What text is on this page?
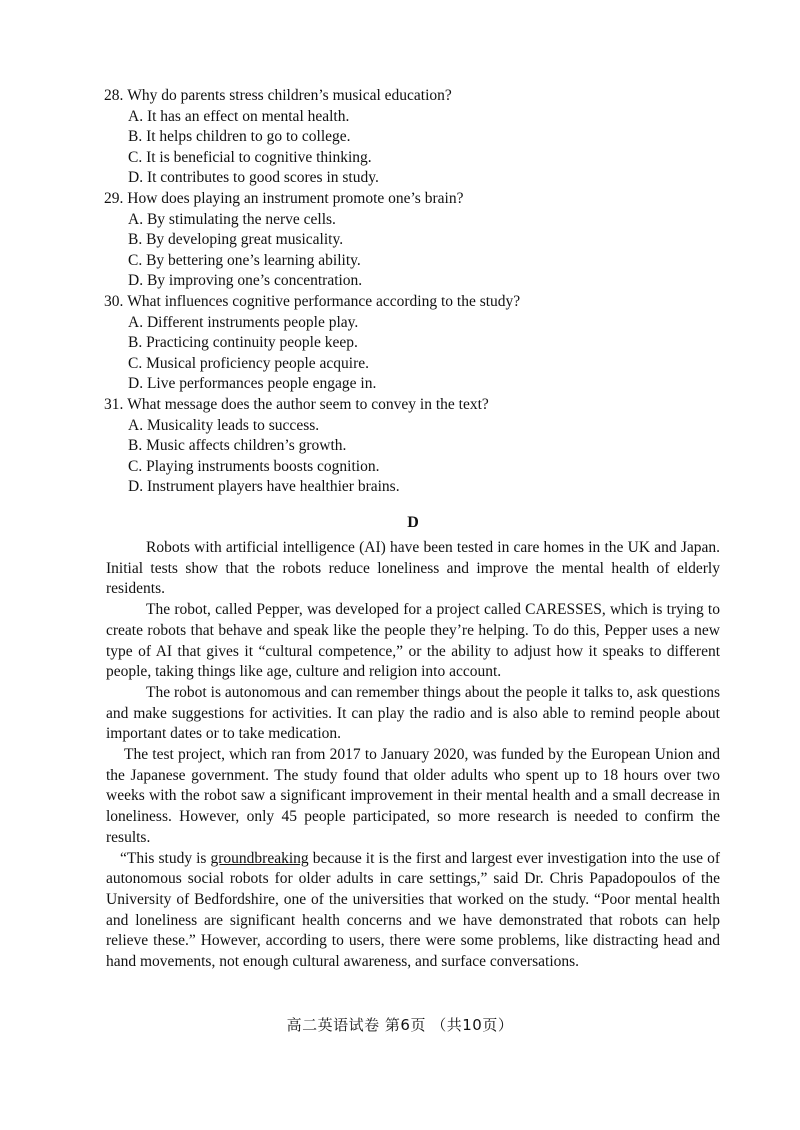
28.
Why do parents stress children’s musical education?
A. It has an effect on mental health.
B. It helps children to go to college.
C. It is beneficial to cognitive thinking.
D. It contributes to good scores in study.
29.
How does playing an instrument promote one’s brain?
A. By stimulating the nerve cells.
B. By developing great musicality.
C. By bettering one’s learning ability.
D. By improving one’s concentration.
30.
What influences cognitive performance according to the study?
A. Different instruments people play.
B. Practicing continuity people keep.
C. Musical proficiency people acquire.
D. Live performances people engage in.
31.
What message does the author seem to convey in the text?
A. Musicality leads to success.
B. Music affects children’s growth.
C. Playing instruments boosts cognition.
D. Instrument players have healthier brains.
D

Robots with artificial intelligence (AI) have been tested in care homes in the UK and Japan. Initial tests show that the robots reduce loneliness and improve the mental health of elderly residents.

The robot, called Pepper, was developed for a project called CARESSES, which is trying to create robots that behave and speak like the people they’re helping. To do this, Pepper uses a new type of AI that gives it “cultural competence,” or the ability to adjust how it speaks to different people, taking things like age, culture and religion into account.

The robot is autonomous and can remember things about the people it talks to, ask questions and make suggestions for activities. It can play the radio and is also able to remind people about important dates or to take medication.

The test project, which ran from 2017 to January 2020, was funded by the European Union and the Japanese government. The study found that older adults who spent up to 18 hours over two weeks with the robot saw a significant improvement in their mental health and a small decrease in loneliness. However, only 45 people participated, so more research is needed to confirm the results.

“This study is groundbreaking because it is the first and largest ever investigation into the use of autonomous social robots for older adults in care settings,” said Dr. Chris Papadopoulos of the University of Bedfordshire, one of the universities that worked on the study. “Poor mental health and loneliness are significant health concerns and we have demonstrated that robots can help relieve these.” However, according to users, there were some problems, like distracting head and hand movements, not enough cultural awareness, and surface conversations.

高二英语试卷 第6页 （共10页）
